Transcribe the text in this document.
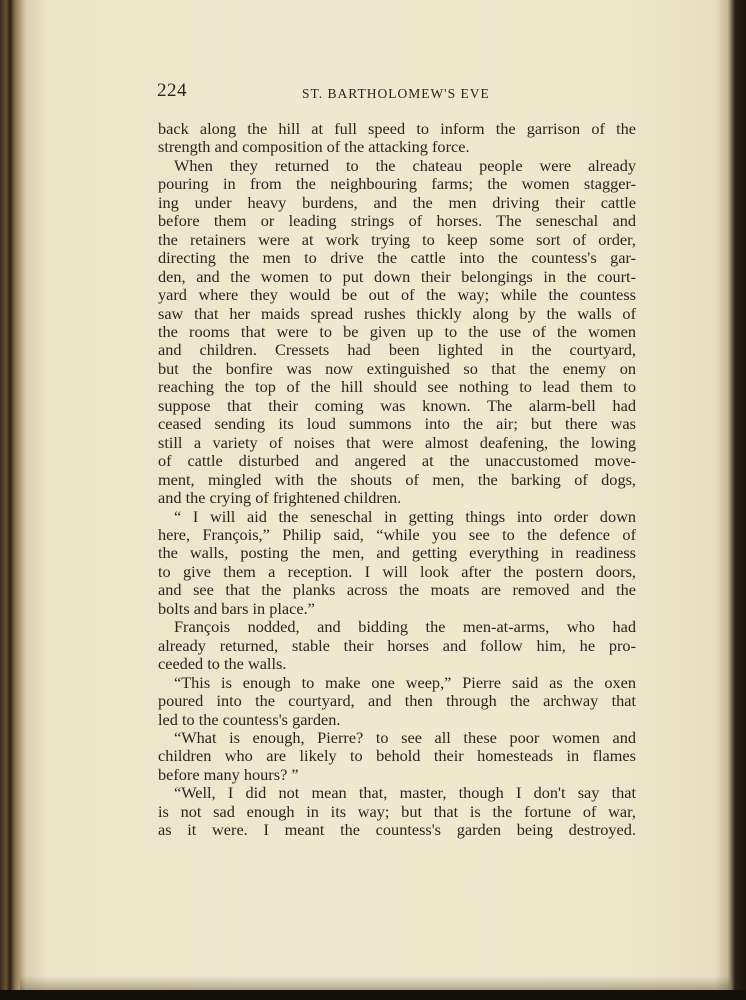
224	ST. BARTHOLOMEW'S EVE
back along the hill at full speed to inform the garrison of the
strength and composition of the attacking force.
When they returned to the chateau people were already
pouring in from the neighbouring farms; the women stagger-
ing under heavy burdens, and the men driving their cattle
before them or leading strings of horses. The seneschal and
the retainers were at work trying to keep some sort of order,
directing the men to drive the cattle into the countess's gar-
den, and the women to put down their belongings in the court-
yard where they would be out of the way; while the countess
saw that her maids spread rushes thickly along by the walls of
the rooms that were to be given up to the use of the women
and children. Cressets had been lighted in the courtyard,
but the bonfire was now extinguished so that the enemy on
reaching the top of the hill should see nothing to lead them to
suppose that their coming was known. The alarm-bell had
ceased sending its loud summons into the air; but there was
still a variety of noises that were almost deafening, the lowing
of cattle disturbed and angered at the unaccustomed move-
ment, mingled with the shouts of men, the barking of dogs,
and the crying of frightened children.
“ I will aid the seneschal in getting things into order down
here, François,” Philip said, “while you see to the defence of
the walls, posting the men, and getting everything in readiness
to give them a reception. I will look after the postern doors,
and see that the planks across the moats are removed and the
bolts and bars in place.”
François nodded, and bidding the men-at-arms, who had
already returned, stable their horses and follow him, he pro-
ceeded to the walls.
“This is enough to make one weep,” Pierre said as the oxen
poured into the courtyard, and then through the archway that
led to the countess's garden.
“What is enough, Pierre? to see all these poor women and
children who are likely to behold their homesteads in flames
before many hours? ”
“Well, I did not mean that, master, though I don't say that
is not sad enough in its way; but that is the fortune of war,
as it were. I meant the countess's garden being destroyed.
